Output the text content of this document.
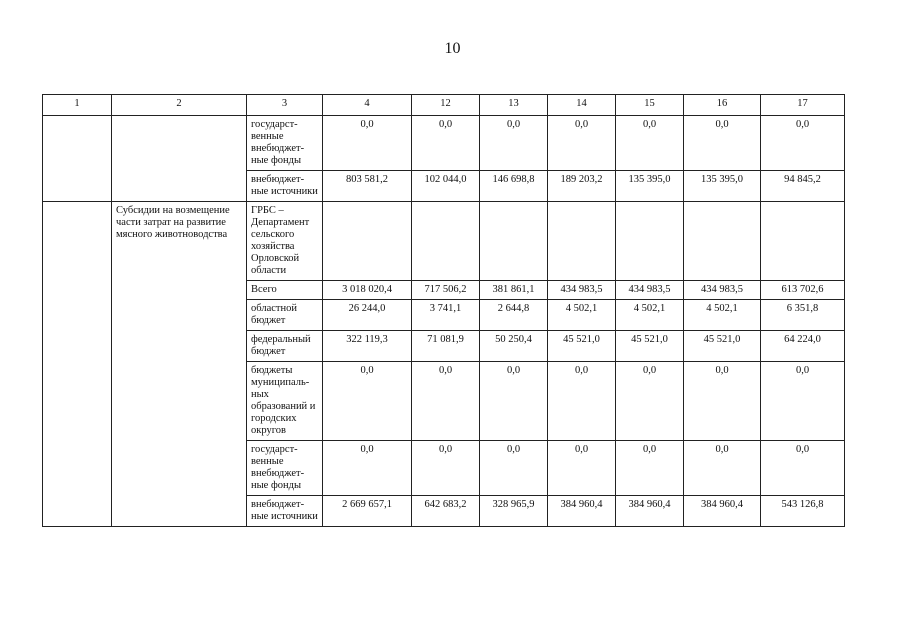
10
1	2	3	4	12	13	14	15	16	17
		государст-венные внебюджет-ные фонды	0,0	0,0	0,0	0,0	0,0	0,0	0,0
		внебюджет-ные источники	803 581,2	102 044,0	146 698,8	189 203,2	135 395,0	135 395,0	94 845,2
	Субсидии на возмещение части затрат на развитие мясного животноводства	ГРБС – Департамент сельского хозяйства Орловской области							
		Всего	3 018 020,4	717 506,2	381 861,1	434 983,5	434 983,5	434 983,5	613 702,6
		областной бюджет	26 244,0	3 741,1	2 644,8	4 502,1	4 502,1	4 502,1	6 351,8
		федеральный бюджет	322 119,3	71 081,9	50 250,4	45 521,0	45 521,0	45 521,0	64 224,0
		бюджеты муниципаль-ных образований и городских округов	0,0	0,0	0,0	0,0	0,0	0,0	0,0
		государст-венные внебюджет-ные фонды	0,0	0,0	0,0	0,0	0,0	0,0	0,0
		внебюджет-ные источники	2 669 657,1	642 683,2	328 965,9	384 960,4	384 960,4	384 960,4	543 126,8
